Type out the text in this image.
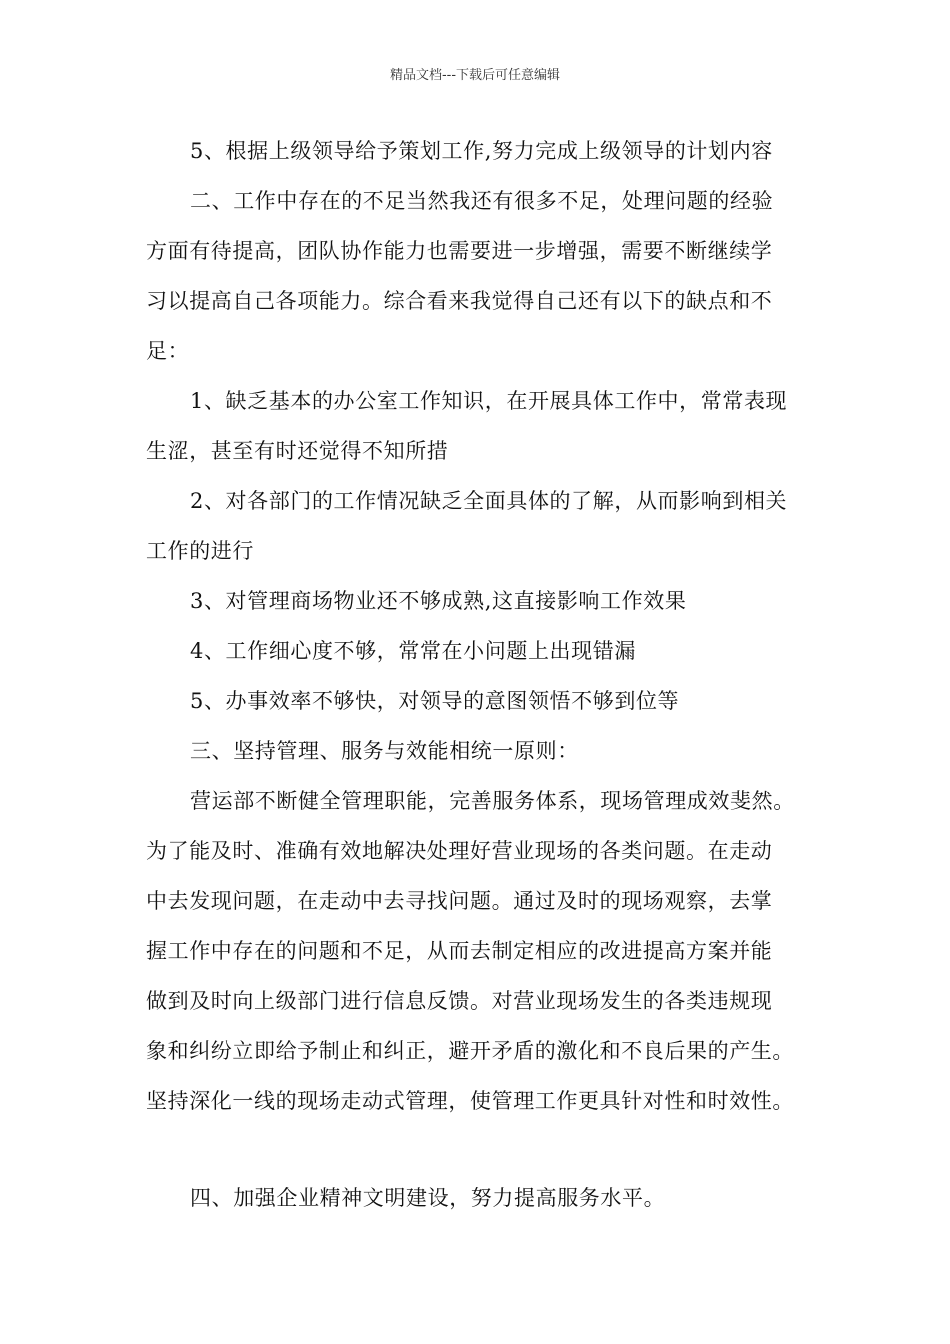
精品文档---下载后可任意编辑
5、根据上级领导给予策划工作,努力完成上级领导的计划内容
二、工作中存在的不足当然我还有很多不足，处理问题的经验
方面有待提高，团队协作能力也需要进一步增强，需要不断继续学
习以提高自己各项能力。综合看来我觉得自己还有以下的缺点和不
足：
1、缺乏基本的办公室工作知识，在开展具体工作中，常常表现
生涩，甚至有时还觉得不知所措
2、对各部门的工作情况缺乏全面具体的了解，从而影响到相关
工作的进行
3、对管理商场物业还不够成熟,这直接影响工作效果
4、工作细心度不够，常常在小问题上出现错漏
5、办事效率不够快，对领导的意图领悟不够到位等
三、坚持管理、服务与效能相统一原则：
营运部不断健全管理职能，完善服务体系，现场管理成效斐然。
为了能及时、准确有效地解决处理好营业现场的各类问题。在走动
中去发现问题，在走动中去寻找问题。通过及时的现场观察，去掌
握工作中存在的问题和不足，从而去制定相应的改进提高方案并能
做到及时向上级部门进行信息反馈。对营业现场发生的各类违规现
象和纠纷立即给予制止和纠正，避开矛盾的激化和不良后果的产生。
坚持深化一线的现场走动式管理，使管理工作更具针对性和时效性。
四、加强企业精神文明建设，努力提高服务水平。
